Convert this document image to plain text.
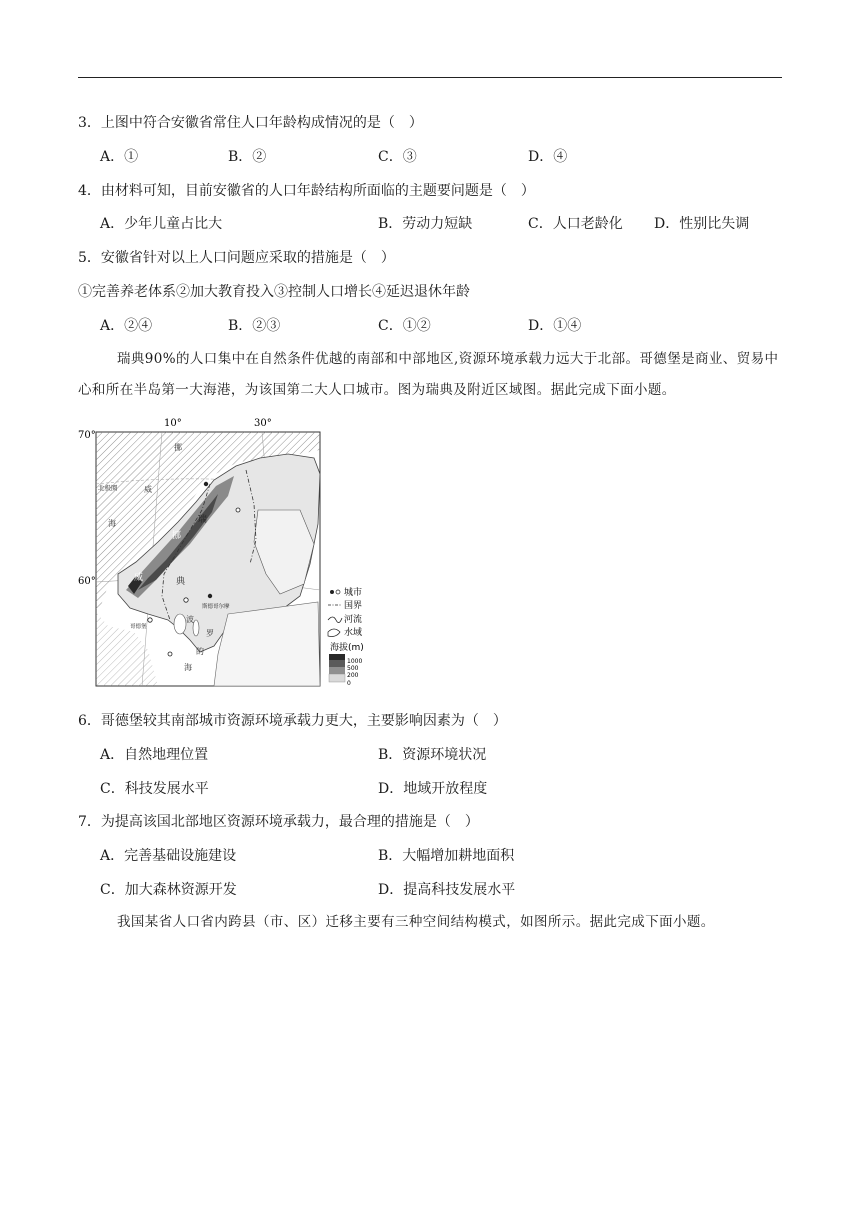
3．上图中符合安徽省常住人口年龄构成情况的是（　）
A．①	B．②	C．③	D．④
4．由材料可知，目前安徽省的人口年龄结构所面临的主题要问题是（　）
A．少年儿童占比大	B．劳动力短缺	C．人口老龄化 D．性别比失调
5．安徽省针对以上人口问题应采取的措施是（　）
①完善养老体系②加大教育投入③控制人口增长④延迟退休年龄
A．②④	B．②③	C．①②	D．①④
瑞典90%的人口集中在自然条件优越的南部和中部地区,资源环境承载力远大于北部。哥德堡是商业、贸易中心和所在半岛第一大海港，为该国第二大人口城市。图为瑞典及附近区域图。据此完成下面小题。
70°
60°
10°	30°
挪
威
北极圈
海
挪
瑞
威	典
斯德哥尔摩
哥德堡
波
罗
的
海
城市
国界
河流
水域
海拔(m)
1000
500
200
0
6．哥德堡较其南部城市资源环境承载力更大，主要影响因素为（　）
A．自然地理位置	B．资源环境状况
C．科技发展水平	D．地域开放程度
7．为提高该国北部地区资源环境承载力，最合理的措施是（　）
A．完善基础设施建设	B．大幅增加耕地面积
C．加大森林资源开发	D．提高科技发展水平
我国某省人口省内跨县（市、区）迁移主要有三种空间结构模式，如图所示。据此完成下面小题。
